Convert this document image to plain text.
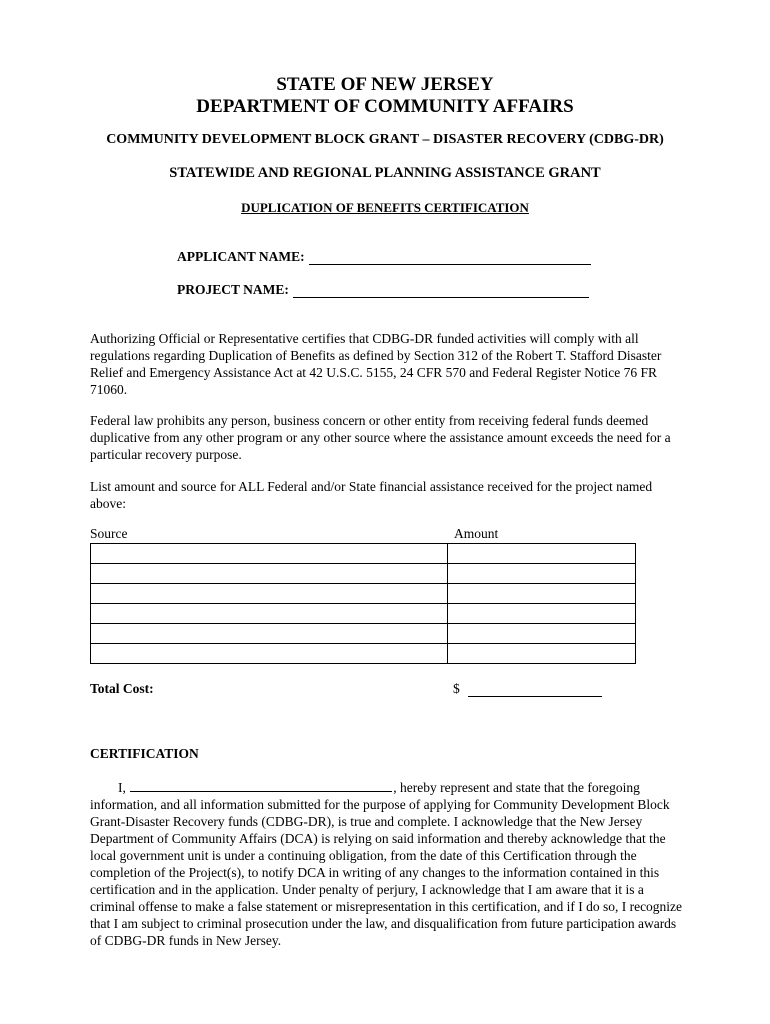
STATE OF NEW JERSEY
DEPARTMENT OF COMMUNITY AFFAIRS
COMMUNITY DEVELOPMENT BLOCK GRANT – DISASTER RECOVERY (CDBG-DR)
STATEWIDE AND REGIONAL PLANNING ASSISTANCE GRANT
DUPLICATION OF BENEFITS CERTIFICATION
APPLICANT NAME:
PROJECT NAME:
Authorizing Official or Representative certifies that CDBG-DR funded activities will comply with all regulations regarding Duplication of Benefits as defined by Section 312 of the Robert T. Stafford Disaster Relief and Emergency Assistance Act at 42 U.S.C. 5155, 24 CFR 570 and Federal Register Notice 76 FR 71060.
Federal law prohibits any person, business concern or other entity from receiving federal funds deemed duplicative from any other program or any other source where the assistance amount exceeds the need for a particular recovery purpose.
List amount and source for ALL Federal and/or State financial assistance received for the project named above:
Source	Amount
Total Cost:	$
CERTIFICATION
I,	, hereby represent and state that the foregoing information, and all information submitted for the purpose of applying for Community Development Block Grant-Disaster Recovery funds (CDBG-DR), is true and complete. I acknowledge that the New Jersey Department of Community Affairs (DCA) is relying on said information and thereby acknowledge that the local government unit is under a continuing obligation, from the date of this Certification through the completion of the Project(s), to notify DCA in writing of any changes to the information contained in this certification and in the application. Under penalty of perjury, I acknowledge that I am aware that it is a criminal offense to make a false statement or misrepresentation in this certification, and if I do so, I recognize that I am subject to criminal prosecution under the law, and disqualification from future participation awards of CDBG-DR funds in New Jersey.
